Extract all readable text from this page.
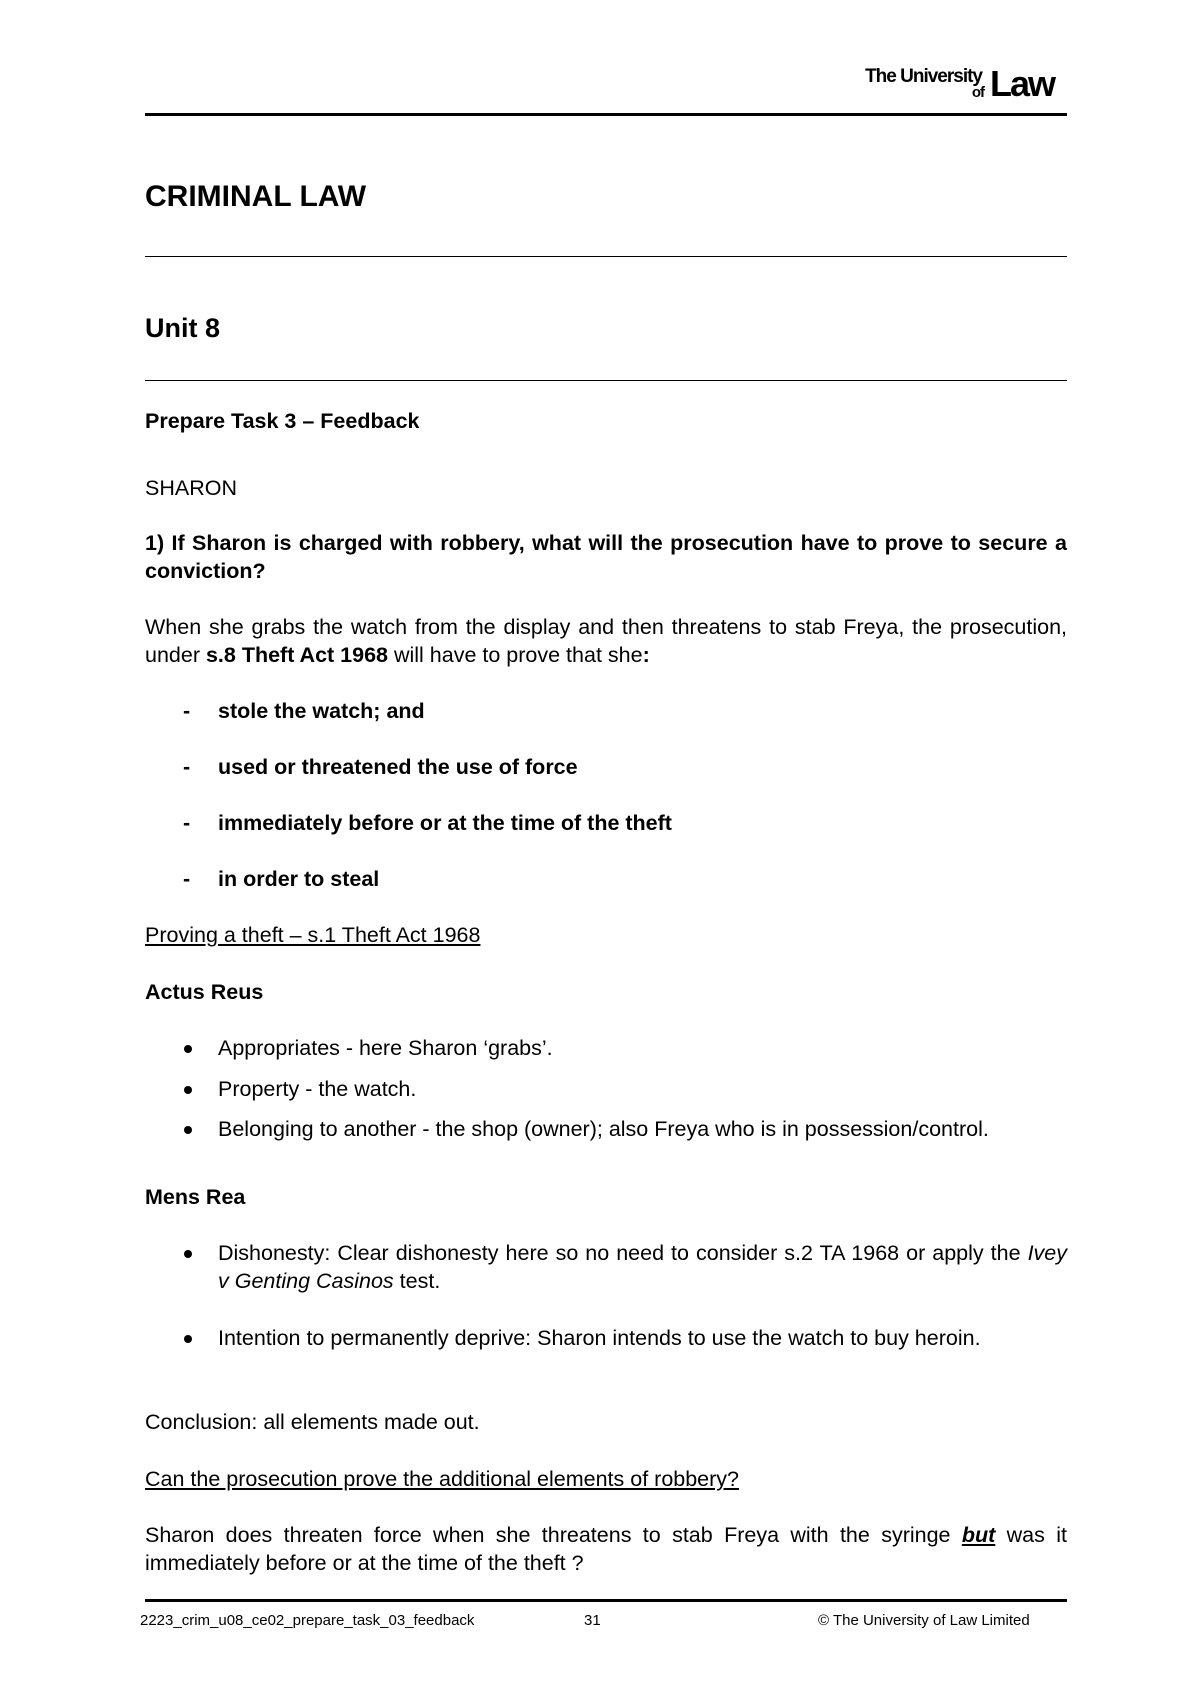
The University
of Law
CRIMINAL LAW
Unit 8
Prepare Task 3 – Feedback
SHARON
1) If Sharon is charged with robbery, what will the prosecution have to prove to secure a conviction?
When she grabs the watch from the display and then threatens to stab Freya, the prosecution, under s.8 Theft Act 1968 will have to prove that she:
- stole the watch; and
- used or threatened the use of force
- immediately before or at the time of the theft
- in order to steal
Proving a theft – s.1 Theft Act 1968
Actus Reus
Appropriates - here Sharon ‘grabs’.
Property - the watch.
Belonging to another - the shop (owner); also Freya who is in possession/control.
Mens Rea
Dishonesty: Clear dishonesty here so no need to consider s.2 TA 1968 or apply the Ivey v Genting Casinos test.
Intention to permanently deprive: Sharon intends to use the watch to buy heroin.
Conclusion: all elements made out.
Can the prosecution prove the additional elements of robbery?
Sharon does threaten force when she threatens to stab Freya with the syringe but was it immediately before or at the time of the theft ?
2223_crim_u08_ce02_prepare_task_03_feedback	31	© The University of Law Limited
